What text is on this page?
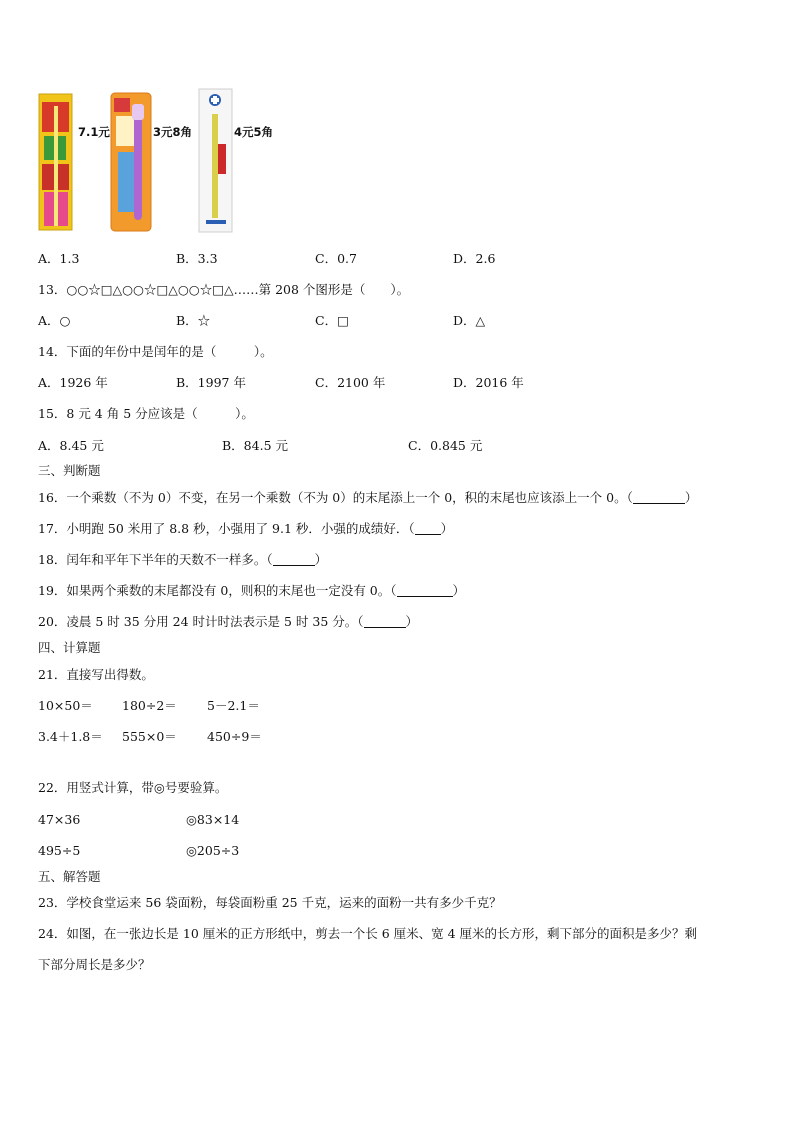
7.1元	3元8角	4元5角
A．1.3	B．3.3	C．0.7	D．2.6
13．○○☆□△○○☆□△○○☆□△……第 208 个图形是（　　）。
A．○	B．☆	C．□	D．△
14．下面的年份中是闰年的是（　　　）。
A．1926 年	B．1997 年	C．2100 年	D．2016 年
15．8 元 4 角 5 分应该是（　　　）。
A．8.45 元	B．84.5 元	C．0.845 元
三、判断题
16．一个乘数（不为 0）不变，在另一个乘数（不为 0）的末尾添上一个 0，积的末尾也应该添上一个 0。（	）
17．小明跑 50 米用了 8.8 秒，小强用了 9.1 秒．小强的成绩好．（ ）
18．闰年和平年下半年的天数不一样多。（	）
19．如果两个乘数的末尾都没有 0，则积的末尾也一定没有 0。（	）
20．凌晨 5 时 35 分用 24 时计时法表示是 5 时 35 分。（	）
四、计算题
21．直接写出得数。
10×50＝ 180÷2＝ 5－2.1＝
3.4＋1.8＝ 555×0＝ 450÷9＝
22．用竖式计算，带◎号要验算。
47×36	◎83×14
495÷5	◎205÷3
五、解答题
23．学校食堂运来 56 袋面粉，每袋面粉重 25 千克，运来的面粉一共有多少千克？
24．如图，在一张边长是 10 厘米的正方形纸中，剪去一个长 6 厘米、宽 4 厘米的长方形，剩下部分的面积是多少？剩
下部分周长是多少？
